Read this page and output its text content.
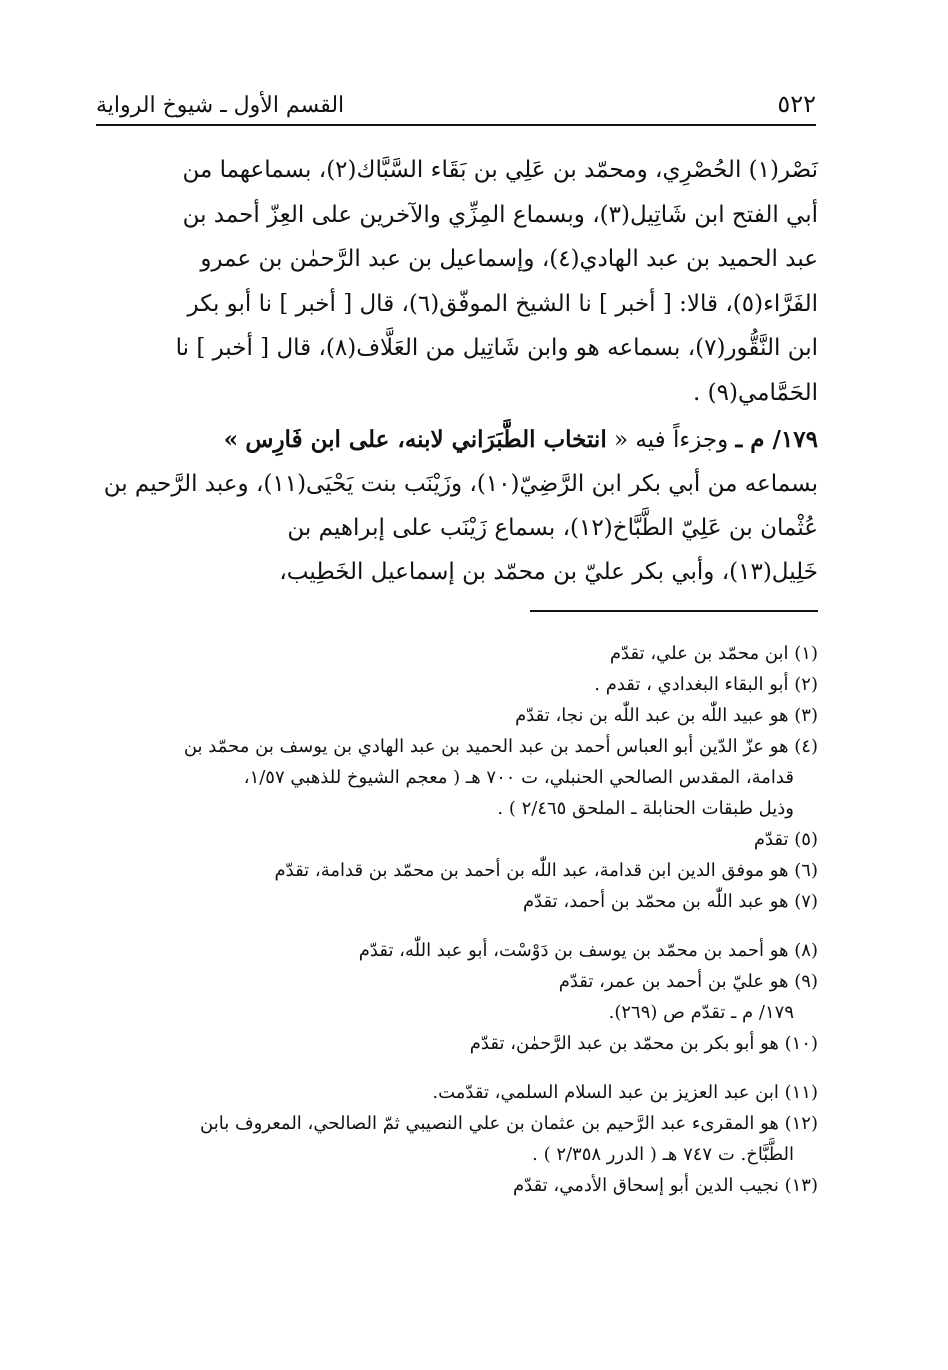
٥٢٢
القسم الأول ـ شيوخ الرواية
نَصْر(١) الحُصْرِي، ومحمّد بن عَلِي بن بَقَاء السَّبَّاك(٢)، بسماعهما من
أبي الفتح ابن شَاتِيل(٣)، وبسماع المِزِّي والآخرين على العِزّ أحمد بن
عبد الحميد بن عبد الهادي(٤)، وإسماعيل بن عبد الرَّحمٰن بن عمرو
الفَرَّاء(٥)، قالا: [ أخبر ] نا الشيخ الموفّق(٦)، قال [ أخبر ] نا أبو بكر
ابن النَّقُّور(٧)، بسماعه هو وابن شَاتِيل من العَلَّاف(٨)، قال [ أخبر ] نا
الحَمَّامي(٩) .
١٧٩/ م ـ وجزءاً فيه « انتخاب الطَّبَرَاني لابنه، على ابن فَارِس »
بسماعه من أبي بكر ابن الرَّضِيّ(١٠)، وزَيْنَب بنت يَحْيَى(١١)، وعبد الرَّحيم بن
عُثْمان بن عَلِيّ الطَّبَّاخ(١٢)، بسماع زَيْنَب على إبراهيم بن
خَلِيل(١٣)، وأبي بكر عليّ بن محمّد بن إسماعيل الخَطِيب،

(١) ابن محمّد بن علي، تقدّم

(٢) أبو البقاء البغدادي ، تقدم .

(٣) هو عبيد اللّٰه بن عبد اللّٰه بن نجا، تقدّم

(٤) هو عزّ الدّين أبو العباس أحمد بن عبد الحميد بن عبد الهادي بن يوسف بن محمّد بن

قدامة، المقدس الصالحي الحنبلي، ت ٧٠٠ هـ ( معجم الشيوخ للذهبي ١/٥٧،

وذيل طبقات الحنابلة ـ الملحق ٢/٤٦٥ ) .

(٥) تقدّم

(٦) هو موفق الدين ابن قدامة، عبد اللّٰه بن أحمد بن محمّد بن قدامة، تقدّم

(٧) هو عبد اللّٰه بن محمّد بن أحمد، تقدّم

(٨) هو أحمد بن محمّد بن يوسف بن دَوْسْت، أبو عبد اللّٰه، تقدّم

(٩) هو عليّ بن أحمد بن عمر، تقدّم

١٧٩/ م ـ تقدّم ص (٢٦٩).

(١٠) هو أبو بكر بن محمّد بن عبد الرَّحمٰن، تقدّم

(١١) ابن عبد العزيز بن عبد السلام السلمي، تقدّمت.

(١٢) هو المقرىء عبد الرَّحيم بن عثمان بن علي النصيبي ثمّ الصالحي، المعروف بابن

الطَّبَّاخ. ت ٧٤٧ هـ ( الدرر ٢/٣٥٨ ) .

(١٣) نجيب الدين أبو إسحاق الأدمي، تقدّم
